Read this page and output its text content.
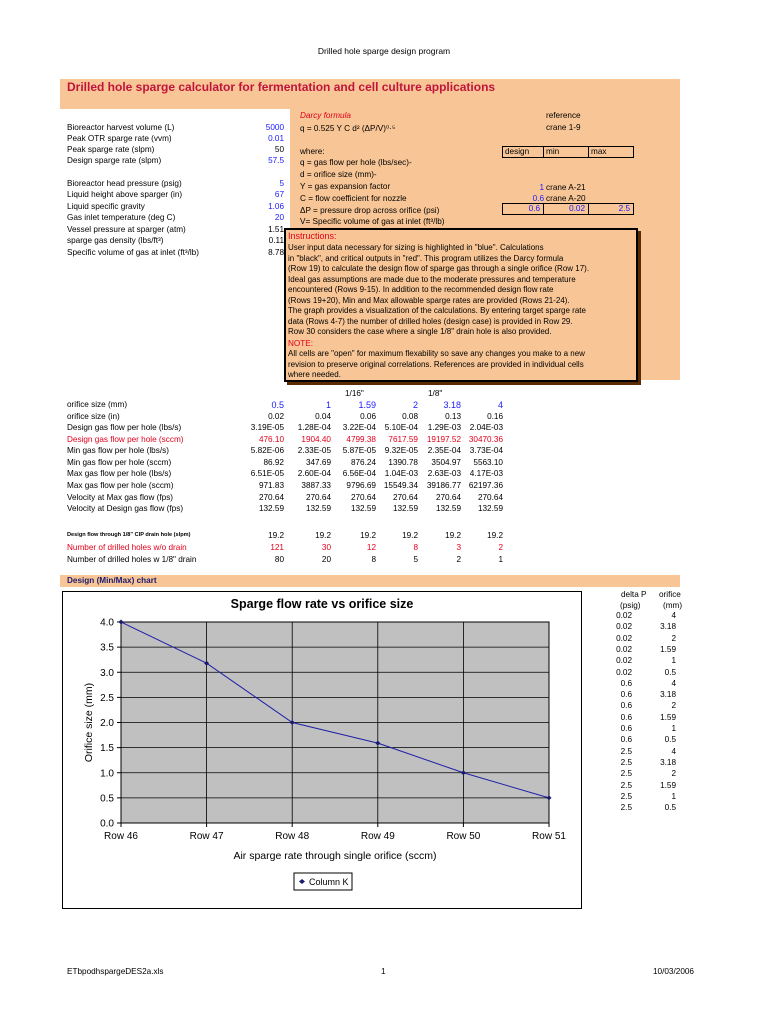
Drilled hole sparge design program
Drilled hole sparge calculator for fermentation and cell culture applications
Bioreactor harvest volume (L)	5000
Peak OTR sparge rate (vvm)	0.01
Peak sparge rate (slpm)	50
Design sparge rate (slpm)	57.5
Bioreactor head pressure (psig)	5
Liquid height above sparger (in)	67
Liquid specific gravity	1.06
Gas inlet temperature (deg C)	20
Vessel pressure at sparger (atm)	1.51
sparge gas density (lbs/ft³)	0.11
Specific volume of gas at inlet (ft³/lb)	8.78
Darcy formula
q = 0.525 Y C d² (ΔP/V)⁰·⁵
reference
crane 1-9
where:
q = gas flow per hole (lbs/sec)-
d = orifice size (mm)-
Y = gas expansion factor
C = flow coefficient for nozzle
ΔP = pressure drop across orifice (psi)
V= Specific volume of gas at inlet (ft³/lb)
design min	max
1 crane A-21
0.6 crane A-20
0.6	0.02	2.5
Instructions:
User input data necessary for sizing is highlighted in "blue". Calculations
in "black", and critical outputs in "red". This program utilizes the Darcy formula
(Row 19) to calculate the design flow of sparge gas through a single orifice (Row 17).
Ideal gas assumptions are made due to the moderate pressures and temperature
encountered (Rows 9-15). In addition to the recommended design flow rate
(Rows 19+20), Min and Max allowable sparge rates are provided (Rows 21-24).
The graph provides a visualization of the calculations. By entering target sparge rate
data (Rows 4-7) the number of drilled holes (design case) is provided in Row 29.
Row 30 considers the case where a single 1/8" drain hole is also provided.
NOTE:
All cells are "open" for maximum flexability so save any changes you make to a new
revision to preserve original correlations. References are provided in individual cells
where needed.
1/16"	1/8"
orifice size (mm)	0.5	1	1.59	2	3.18	4
orifice size (in)	0.02	0.04	0.06	0.08	0.13	0.16
Design gas flow per hole (lbs/s)	3.19E-05	1.28E-04	3.22E-04	5.10E-04	1.29E-03	2.04E-03
Design gas flow per hole (sccm)	476.10	1904.40	4799.38	7617.59	19197.52 30470.36
Min gas flow per hole (lbs/s)	5.82E-06	2.33E-05	5.87E-05	9.32E-05	2.35E-04	3.73E-04
Min gas flow per hole (sccm)	86.92	347.69	876.24	1390.78	3504.97	5563.10
Max gas flow per hole (lbs/s)	6.51E-05	2.60E-04	6.56E-04	1.04E-03	2.63E-03	4.17E-03
Max gas flow per hole (sccm)	971.83	3887.33	9796.69 15549.34	39186.77 62197.36
Velocity at Max gas flow (fps)	270.64	270.64	270.64	270.64	270.64	270.64
Velocity at Design gas flow (fps)	132.59	132.59	132.59	132.59	132.59	132.59
Design flow through 1/8" CIP drain hole (slpm)	19.2	19.2	19.2	19.2	19.2	19.2
Number of drilled holes w/o drain	121	30	12	8	3	2
Number of drilled holes w 1/8" drain	80	20	8	5	2	1
Design (Min/Max) chart
0.0
0.5
1.0
1.5
2.0
2.5
3.0
3.5
4.0
Row 46	Row 47	Row 48	Row 49	Row 50	Row 51
Sparge flow rate vs orifice size
Air sparge rate through single orifice (sccm)
Orifice size (mm)
Column K
delta P orifice
(psig)	(mm)
0.02	4
0.02	3.18
0.02	2
0.02	1.59
0.02	1
0.02	0.5
0.6	4
0.6	3.18
0.6	2
0.6	1.59
0.6	1
0.6	0.5
2.5	4
2.5	3.18
2.5	2
2.5	1.59
2.5	1
2.5	0.5
ETbpodhspargeDES2a.xls	1	10/03/2006
